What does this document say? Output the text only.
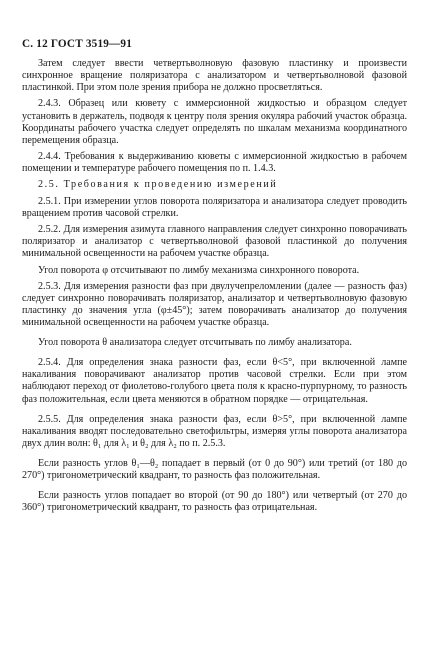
С. 12 ГОСТ 3519—91

Затем следует ввести четвертьволновую фазовую пластинку и произвести синхронное вращение поляризатора с анализатором и четвертьволновой фазовой пластинкой. При этом поле зрения прибора не должно просветляться.

2.4.3. Образец или кювету с иммерсионной жидкостью и образцом следует установить в держатель, подводя к центру поля зрения окуляра рабочий участок образца. Координаты рабочего участка следует определять по шкалам механизма координатного перемещения образца.

2.4.4. Требования к выдерживанию кюветы с иммерсионной жидкостью в рабочем помещении и температуре рабочего помещения по п. 1.4.3.

2.5. Требования к проведению измерений

2.5.1. При измерении углов поворота поляризатора и анализатора следует проводить вращением против часовой стрелки.

2.5.2. Для измерения азимута главного направления следует синхронно поворачивать поляризатор и анализатор с четвертьволновой фазовой пластинкой до получения минимальной освещенности на рабочем участке образца.

Угол поворота φ отсчитывают по лимбу механизма синхронного поворота.

2.5.3. Для измерения разности фаз при двулучепреломлении (далее — разность фаз) следует синхронно поворачивать поляризатор, анализатор и четвертьволновую фазовую пластинку до значения угла (φ±45°); затем поворачивать анализатор до получения минимальной освещенности на рабочем участке образца.

Угол поворота θ анализатора следует отсчитывать по лимбу анализатора.

2.5.4. Для определения знака разности фаз, если θ<5°, при включенной лампе накаливания поворачивают анализатор против часовой стрелки. Если при этом наблюдают переход от фиолетово-голубого цвета поля к красно-пурпурному, то разность фаз положительная, если цвета меняются в обратном порядке — отрицательная.

2.5.5. Для определения знака разности фаз, если θ>5°, при включенной лампе накаливания вводят последовательно светофильтры, измеряя углы поворота анализатора двух длин волн: θ₁ для λ₁ и θ₂ для λ₂ по п. 2.5.3.

Если разность углов θ₁—θ₂ попадает в первый (от 0 до 90°) или третий (от 180 до 270°) тригонометрический квадрант, то разность фаз положительная.

Если разность углов попадает во второй (от 90 до 180°) или четвертый (от 270 до 360°) тригонометрический квадрант, то разность фаз отрицательная.
